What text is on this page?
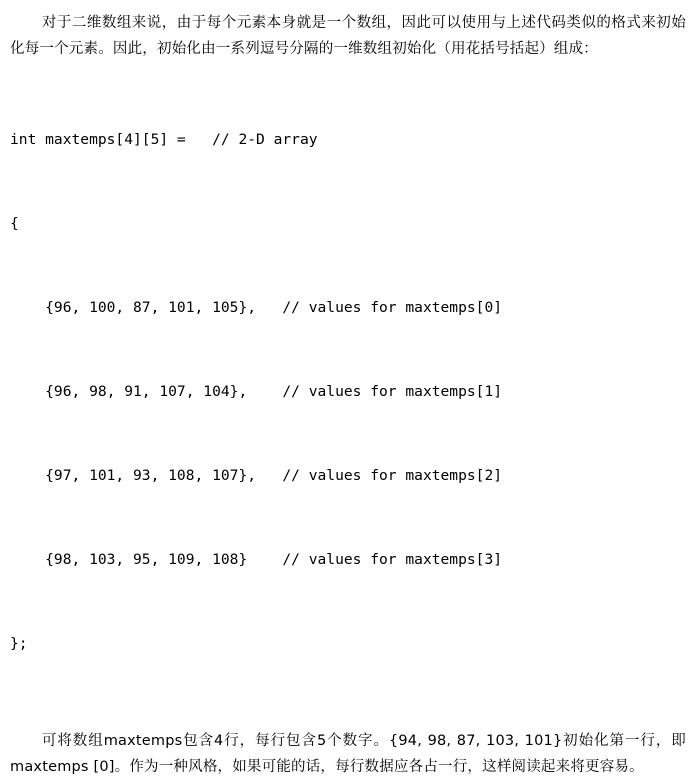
对于二维数组来说，由于每个元素本身就是一个数组，因此可以使用与上述代码类似的格式来初始化每一个元素。因此，初始化由一系列逗号分隔的一维数组初始化（用花括号括起）组成：

int maxtemps[4][5] =   // 2-D array

{

{96, 100, 87, 101, 105},   // values for maxtemps[0]

{96, 98, 91, 107, 104},    // values for maxtemps[1]

{97, 101, 93, 108, 107},   // values for maxtemps[2]

{98, 103, 95, 109, 108}    // values for maxtemps[3]

};

可将数组maxtemps包含4行，每行包含5个数字。{94, 98, 87, 103, 101}初始化第一行，即maxtemps [0]。作为一种风格，如果可能的话，每行数据应各占一行，这样阅读起来将更容易。
